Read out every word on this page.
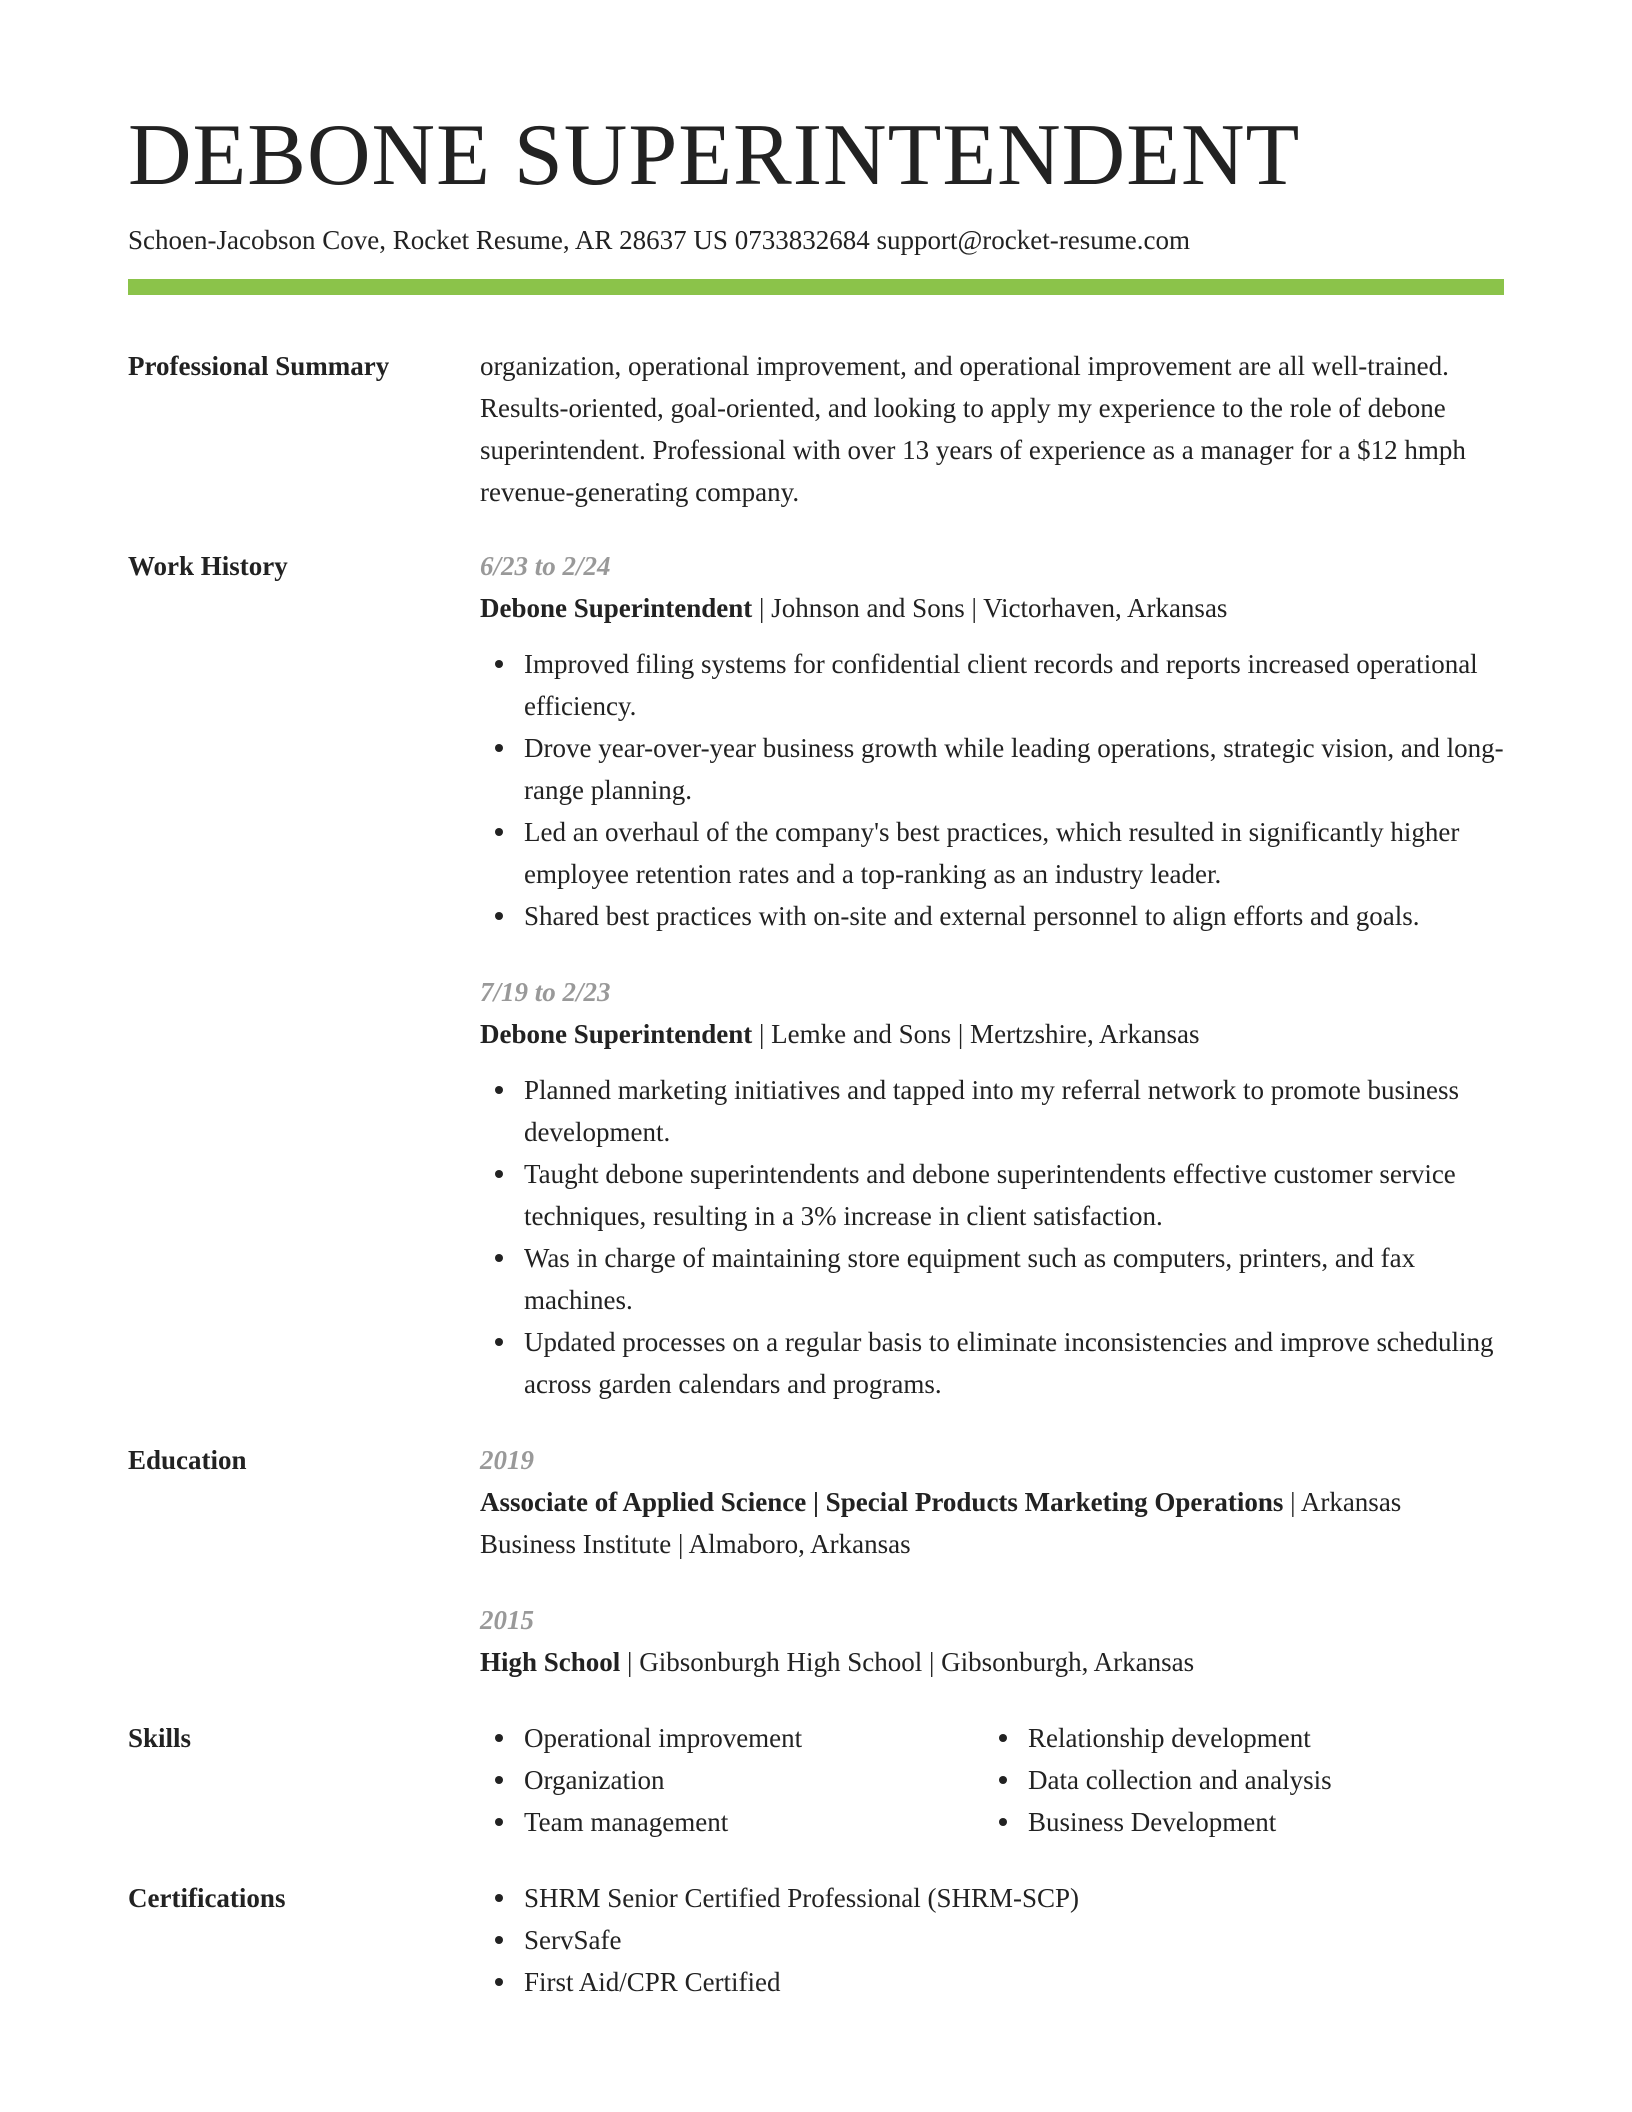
DEBONE SUPERINTENDENT
Schoen-Jacobson Cove, Rocket Resume, AR 28637 US 0733832684 support@rocket-resume.com
Professional Summary	organization, operational improvement, and operational improvement are all well-trained. Results-oriented, goal-oriented, and looking to apply my experience to the role of debone superintendent. Professional with over 13 years of experience as a manager for a $12 hmph revenue-generating company.
Work History	6/23 to 2/24
Debone Superintendent | Johnson and Sons | Victorhaven, Arkansas
Improved filing systems for confidential client records and reports increased operational efficiency.
Drove year-over-year business growth while leading operations, strategic vision, and long-range planning.
Led an overhaul of the company's best practices, which resulted in significantly higher employee retention rates and a top-ranking as an industry leader.
Shared best practices with on-site and external personnel to align efforts and goals.
7/19 to 2/23
Debone Superintendent | Lemke and Sons | Mertzshire, Arkansas
Planned marketing initiatives and tapped into my referral network to promote business development.
Taught debone superintendents and debone superintendents effective customer service techniques, resulting in a 3% increase in client satisfaction.
Was in charge of maintaining store equipment such as computers, printers, and fax machines.
Updated processes on a regular basis to eliminate inconsistencies and improve scheduling across garden calendars and programs.
Education	2019
Associate of Applied Science | Special Products Marketing Operations | Arkansas Business Institute | Almaboro, Arkansas
2015
High School | Gibsonburgh High School | Gibsonburgh, Arkansas
Skills	Operational improvement
Organization
Team management
Relationship development
Data collection and analysis
Business Development
Certifications	SHRM Senior Certified Professional (SHRM-SCP)
ServSafe
First Aid/CPR Certified
